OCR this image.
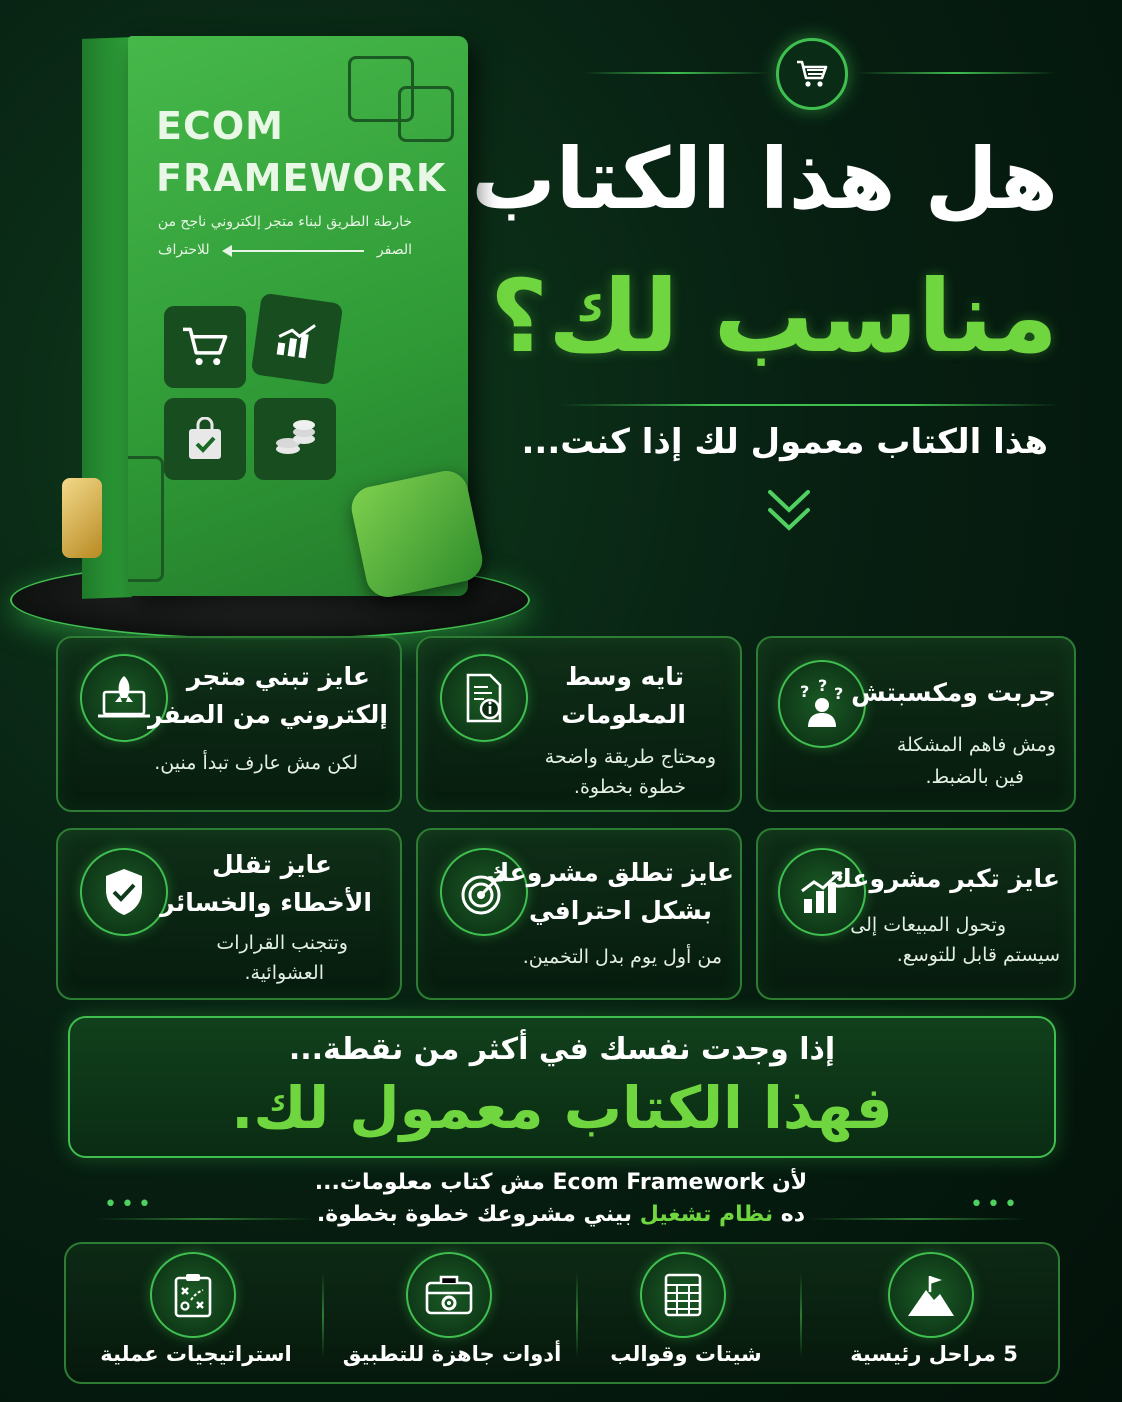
هل هذا الكتاب
مناسب لك؟
هذا الكتاب معمول لك إذا كنت...
ECOM
FRAMEWORK
خارطة الطريق لبناء متجر إلكتروني ناجح من
الصفر
للاحتراف
? ? ? جربت ومكسبتش
ومش فاهم المشكلة
فين بالضبط.
تايه وسط
المعلومات
ومحتاج طريقة واضحة
خطوة بخطوة.
عايز تبني متجر
إلكتروني من الصفر
لكن مش عارف تبدأ منين.
عايز تكبر مشروعك
وتحول المبيعات إلى
سيستم قابل للتوسع.
عايز تطلق مشروعك
بشكل احترافي
من أول يوم بدل التخمين.
عايز تقلل
الأخطاء والخسائر
وتتجنب القرارات
العشوائية.
إذا وجدت نفسك في أكثر من نقطة...
فهذا الكتاب معمول لك.
•••	•••
لأن Ecom Framework مش كتاب معلومات...
ده نظام تشغيل بيني مشروعك خطوة بخطوة.
5 مراحل رئيسية
شيتات وقوالب
أدوات جاهزة للتطبيق
استراتيجيات عملية
